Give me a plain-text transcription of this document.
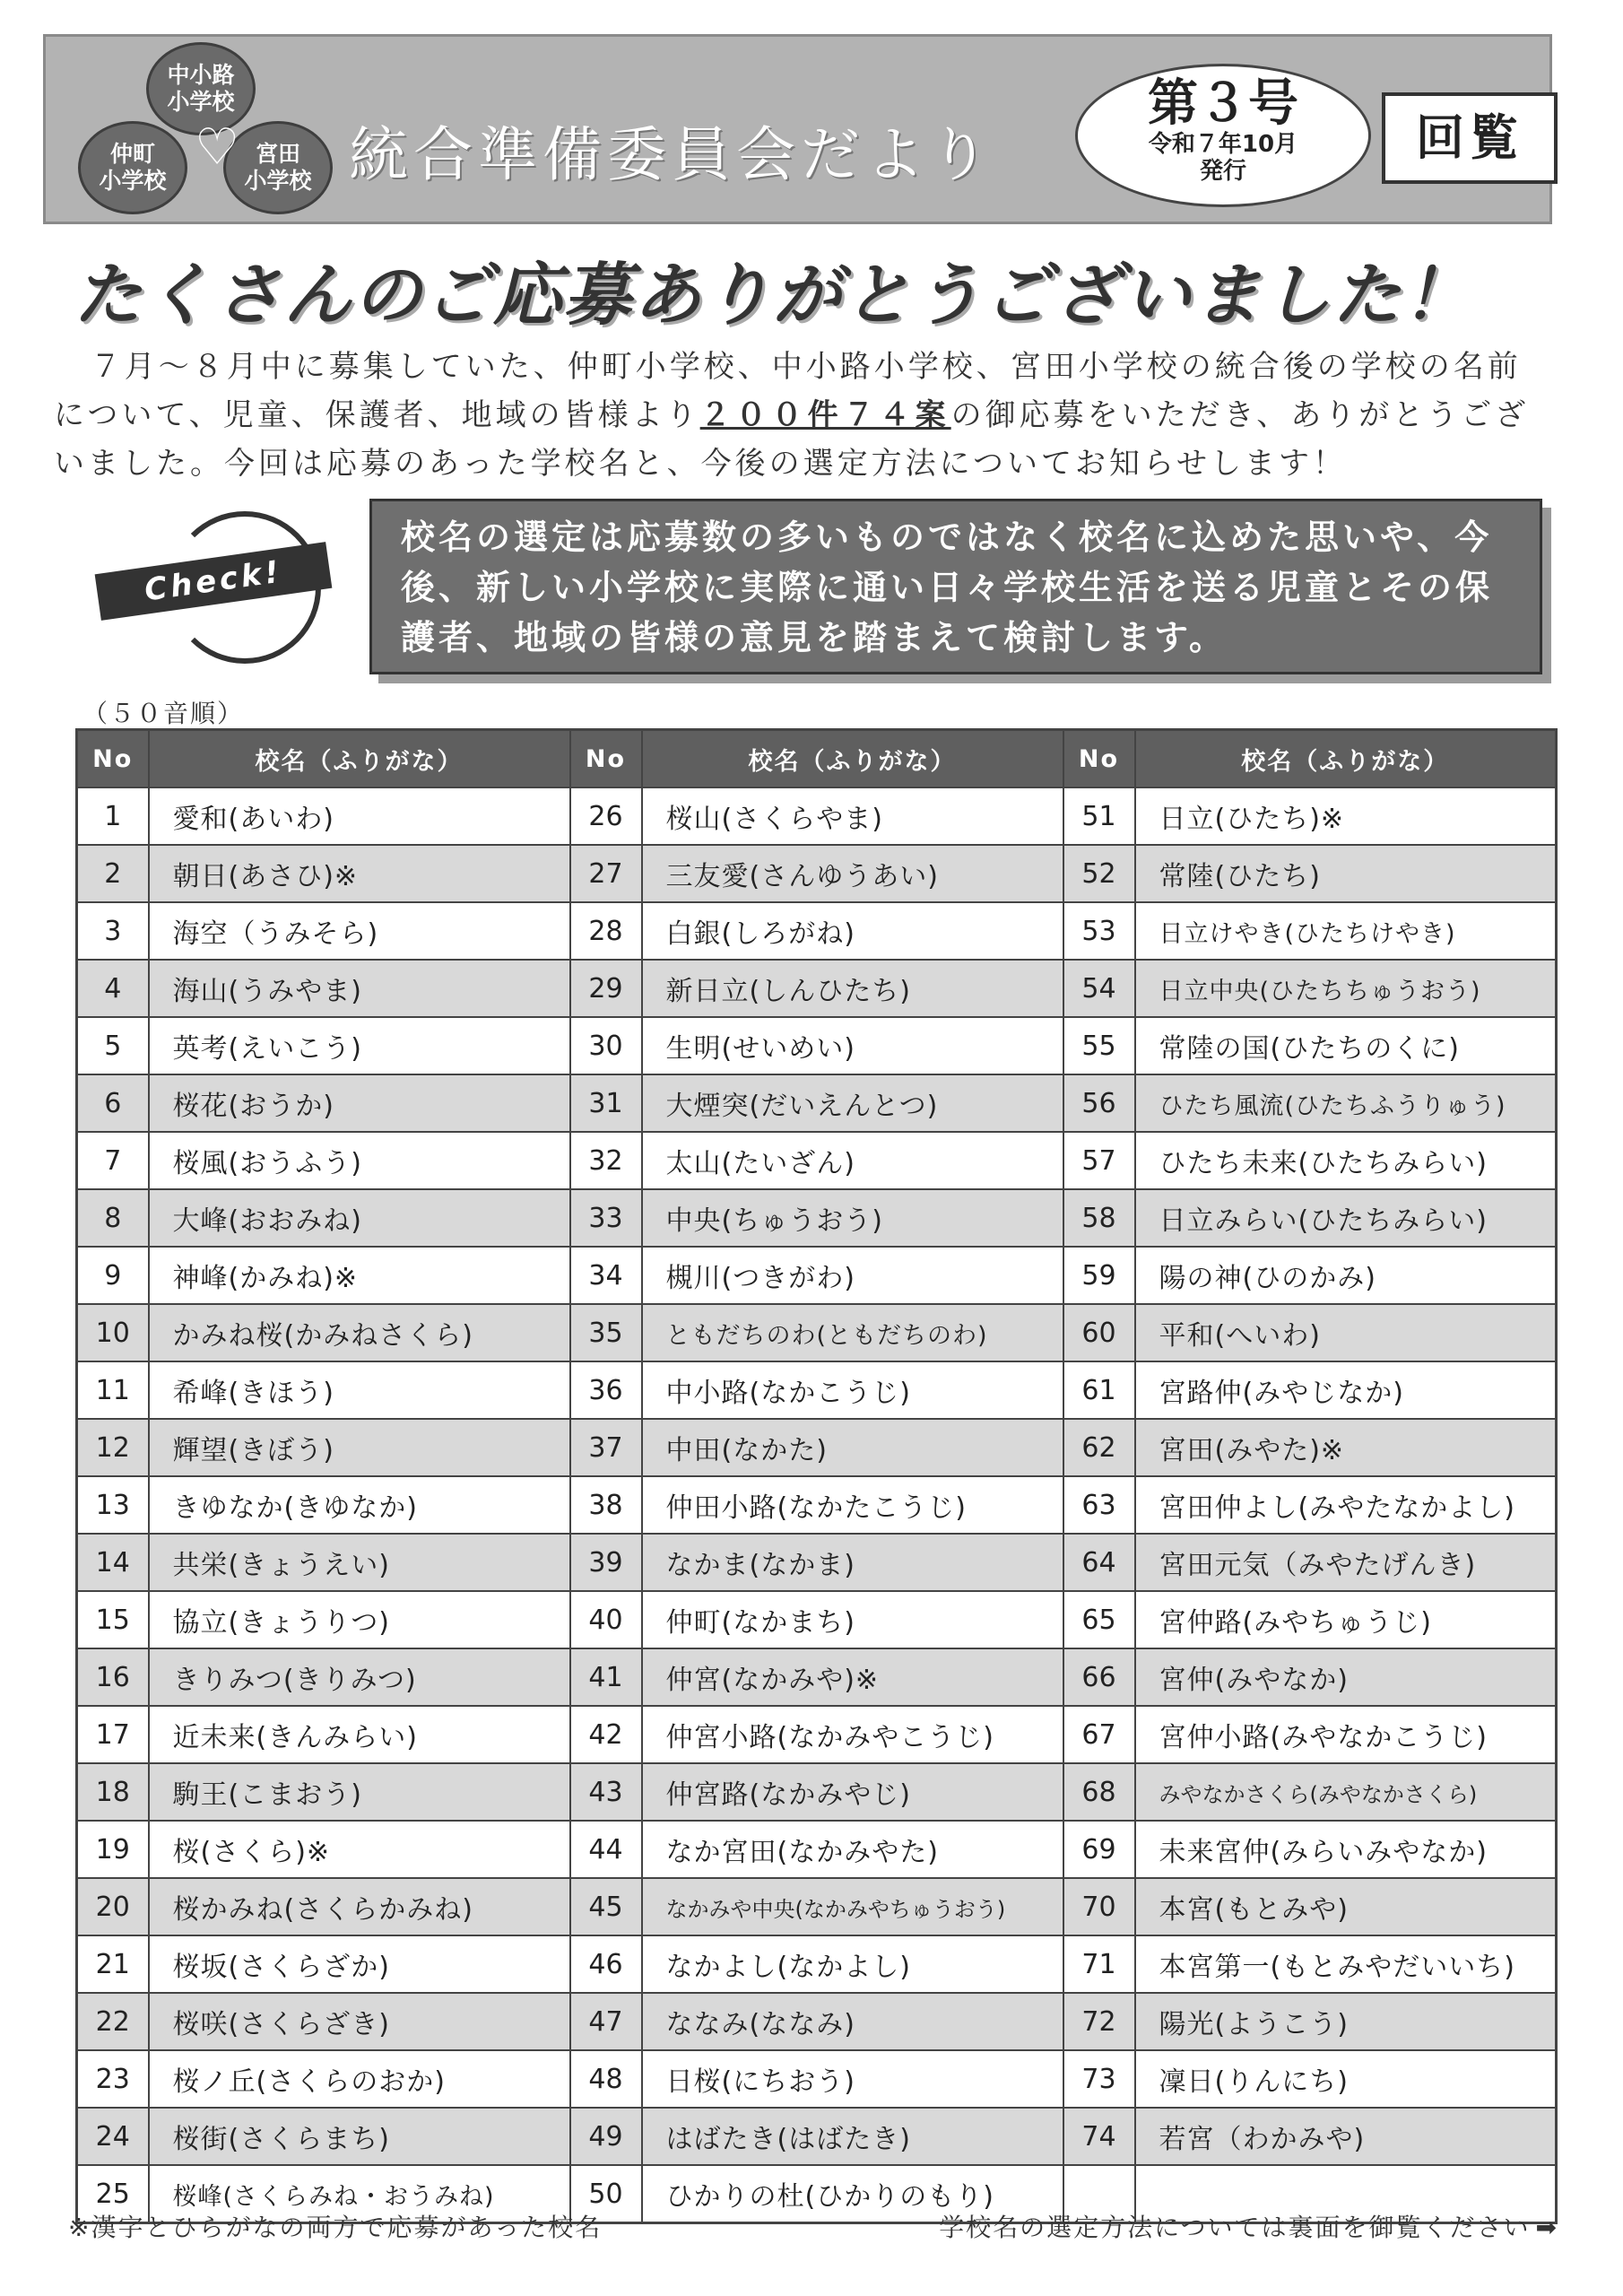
中小路
小学校
仲町
小学校
宮田
小学校
♡ 統合準備委員会だより
第３号
令和７年10月
発行
回覧
たくさんのご応募ありがとうございました！
７月～８月中に募集していた、仲町小学校、中小路小学校、宮田小学校の統合後の学校の名前について、児童、保護者、地域の皆様より２００件７４案の御応募をいただき、ありがとうございました。今回は応募のあった学校名と、今後の選定方法についてお知らせします！
Check!
校名の選定は応募数の多いものではなく校名に込めた思いや、今後、新しい小学校に実際に通い日々学校生活を送る児童とその保護者、地域の皆様の意見を踏まえて検討します。
（５０音順）
No	校名（ふりがな）	No	校名（ふりがな）	No	校名（ふりがな）
1	愛和(あいわ)	26	桜山(さくらやま)	51	日立(ひたち)※
2	朝日(あさひ)※	27	三友愛(さんゆうあい)	52	常陸(ひたち)
3	海空（うみそら)	28	白銀(しろがね)	53	日立けやき(ひたちけやき)
4	海山(うみやま)	29	新日立(しんひたち)	54	日立中央(ひたちちゅうおう)
5	英考(えいこう)	30	生明(せいめい)	55	常陸の国(ひたちのくに)
6	桜花(おうか)	31	大煙突(だいえんとつ)	56	ひたち風流(ひたちふうりゅう)
7	桜風(おうふう)	32	太山(たいざん)	57	ひたち未来(ひたちみらい)
8	大峰(おおみね)	33	中央(ちゅうおう)	58	日立みらい(ひたちみらい)
9	神峰(かみね)※	34	槻川(つきがわ)	59	陽の神(ひのかみ)
10	かみね桜(かみねさくら)	35	ともだちのわ(ともだちのわ)	60	平和(へいわ)
11	希峰(きほう)	36	中小路(なかこうじ)	61	宮路仲(みやじなか)
12	輝望(きぼう)	37	中田(なかた)	62	宮田(みやた)※
13	きゆなか(きゆなか)	38	仲田小路(なかたこうじ)	63	宮田仲よし(みやたなかよし)
14	共栄(きょうえい)	39	なかま(なかま)	64	宮田元気（みやたげんき)
15	協立(きょうりつ)	40	仲町(なかまち)	65	宮仲路(みやちゅうじ)
16	きりみつ(きりみつ)	41	仲宮(なかみや)※	66	宮仲(みやなか)
17	近未来(きんみらい)	42	仲宮小路(なかみやこうじ)	67	宮仲小路(みやなかこうじ)
18	駒王(こまおう)	43	仲宮路(なかみやじ)	68	みやなかさくら(みやなかさくら)
19	桜(さくら)※	44	なか宮田(なかみやた)	69	未来宮仲(みらいみやなか)
20	桜かみね(さくらかみね)	45	なかみや中央(なかみやちゅうおう)	70	本宮(もとみや)
21	桜坂(さくらざか)	46	なかよし(なかよし)	71	本宮第一(もとみやだいいち)
22	桜咲(さくらざき)	47	ななみ(ななみ)	72	陽光(ようこう)
23	桜ノ丘(さくらのおか)	48	日桜(にちおう)	73	凜日(りんにち)
24	桜街(さくらまち)	49	はばたき(はばたき)	74	若宮（わかみや)
25	桜峰(さくらみね・おうみね)	50	ひかりの杜(ひかりのもり)		
※漢字とひらがなの両方で応募があった校名	学校名の選定方法については裏面を御覧ください ➡
